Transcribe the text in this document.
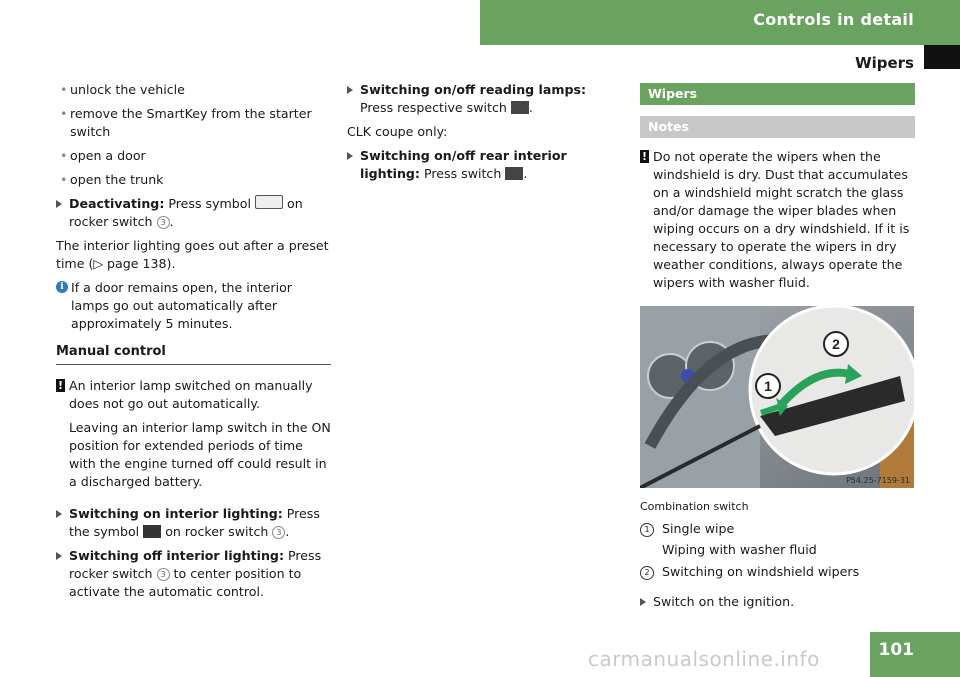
Controls in detail
Wipers

• unlock the vehicle

• remove the SmartKey from the starter switch

• open a door

• open the trunk

Deactivating: Press symbol	on rocker switch 3 .

The interior lighting goes out after a preset time (▷ page 138).

i If a door remains open, the interior lamps go out automatically after approximately 5 minutes.

Manual control

! An interior lamp switched on manually does not go out automatically.
Leaving an interior lamp switch in the ON position for extended periods of time with the engine turned off could result in a discharged battery.

Switching on interior lighting: Press the symbol on rocker switch 3 .

Switching off interior lighting: Press rocker switch 3 to center position to activate the automatic control.

Switching on/off reading lamps: Press respective switch .

CLK coupe only:

Switching on/off rear interior lighting: Press switch .

Wipers
Notes

! Do not operate the wipers when the windshield is dry. Dust that accumulates on a windshield might scratch the glass and/or damage the wiper blades when wiping occurs on a dry windshield. If it is necessary to operate the wipers in dry weather conditions, always operate the wipers with washer fluid.

1
2
P54.25-7159-31
Combination switch
1 Single wipe
Wiping with washer fluid
2 Switching on windshield wipers

Switch on the ignition.

101
carmanualsonline.info
